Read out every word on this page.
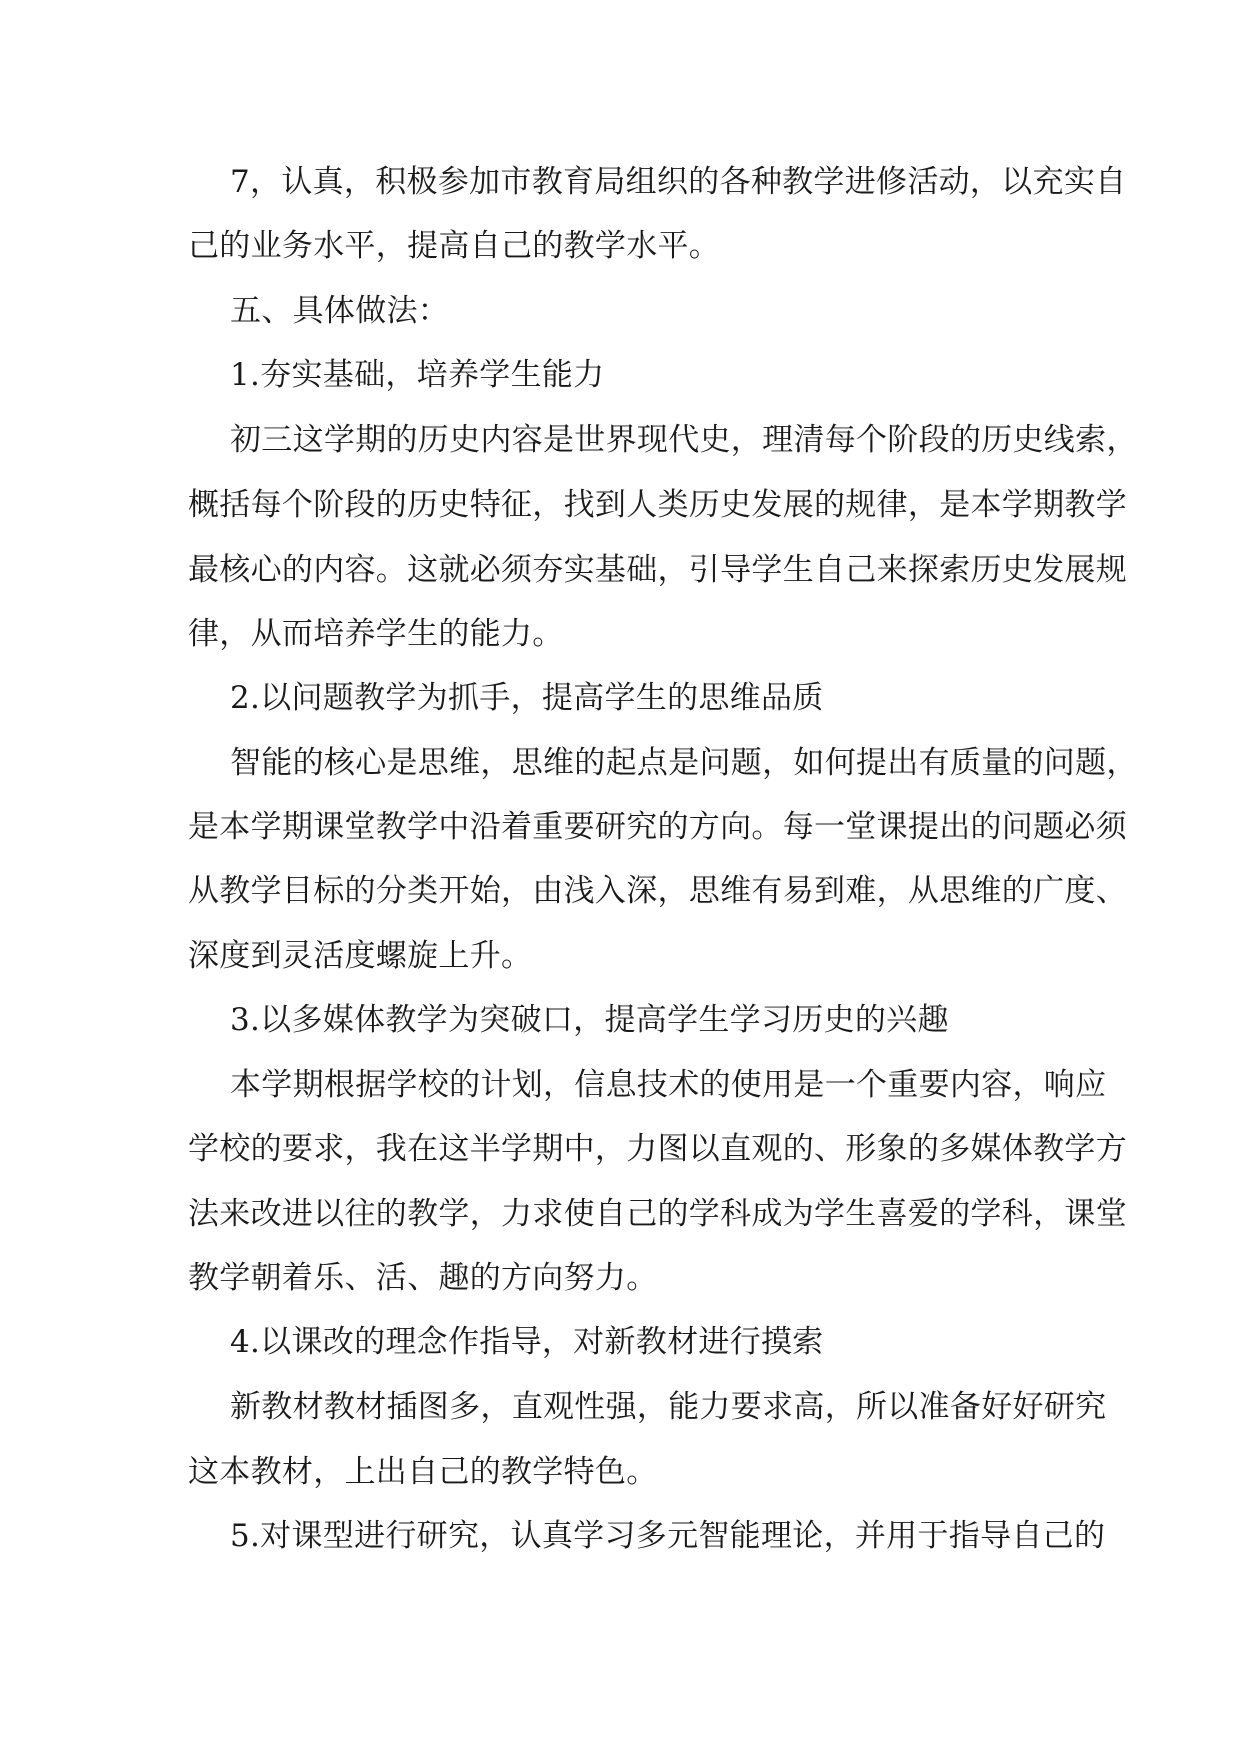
7，认真，积极参加市教育局组织的各种教学进修活动，以充实自
己的业务水平，提高自己的教学水平。
五、具体做法：
1.夯实基础，培养学生能力
初三这学期的历史内容是世界现代史，理清每个阶段的历史线索，
概括每个阶段的历史特征，找到人类历史发展的规律，是本学期教学
最核心的内容。这就必须夯实基础，引导学生自己来探索历史发展规
律，从而培养学生的能力。
2.以问题教学为抓手，提高学生的思维品质
智能的核心是思维，思维的起点是问题，如何提出有质量的问题，
是本学期课堂教学中沿着重要研究的方向。每一堂课提出的问题必须
从教学目标的分类开始，由浅入深，思维有易到难，从思维的广度、
深度到灵活度螺旋上升。
3.以多媒体教学为突破口，提高学生学习历史的兴趣
本学期根据学校的计划，信息技术的使用是一个重要内容，响应
学校的要求，我在这半学期中，力图以直观的、形象的多媒体教学方
法来改进以往的教学，力求使自己的学科成为学生喜爱的学科，课堂
教学朝着乐、活、趣的方向努力。
4.以课改的理念作指导，对新教材进行摸索
新教材教材插图多，直观性强，能力要求高，所以准备好好研究
这本教材，上出自己的教学特色。
5.对课型进行研究，认真学习多元智能理论，并用于指导自己的
